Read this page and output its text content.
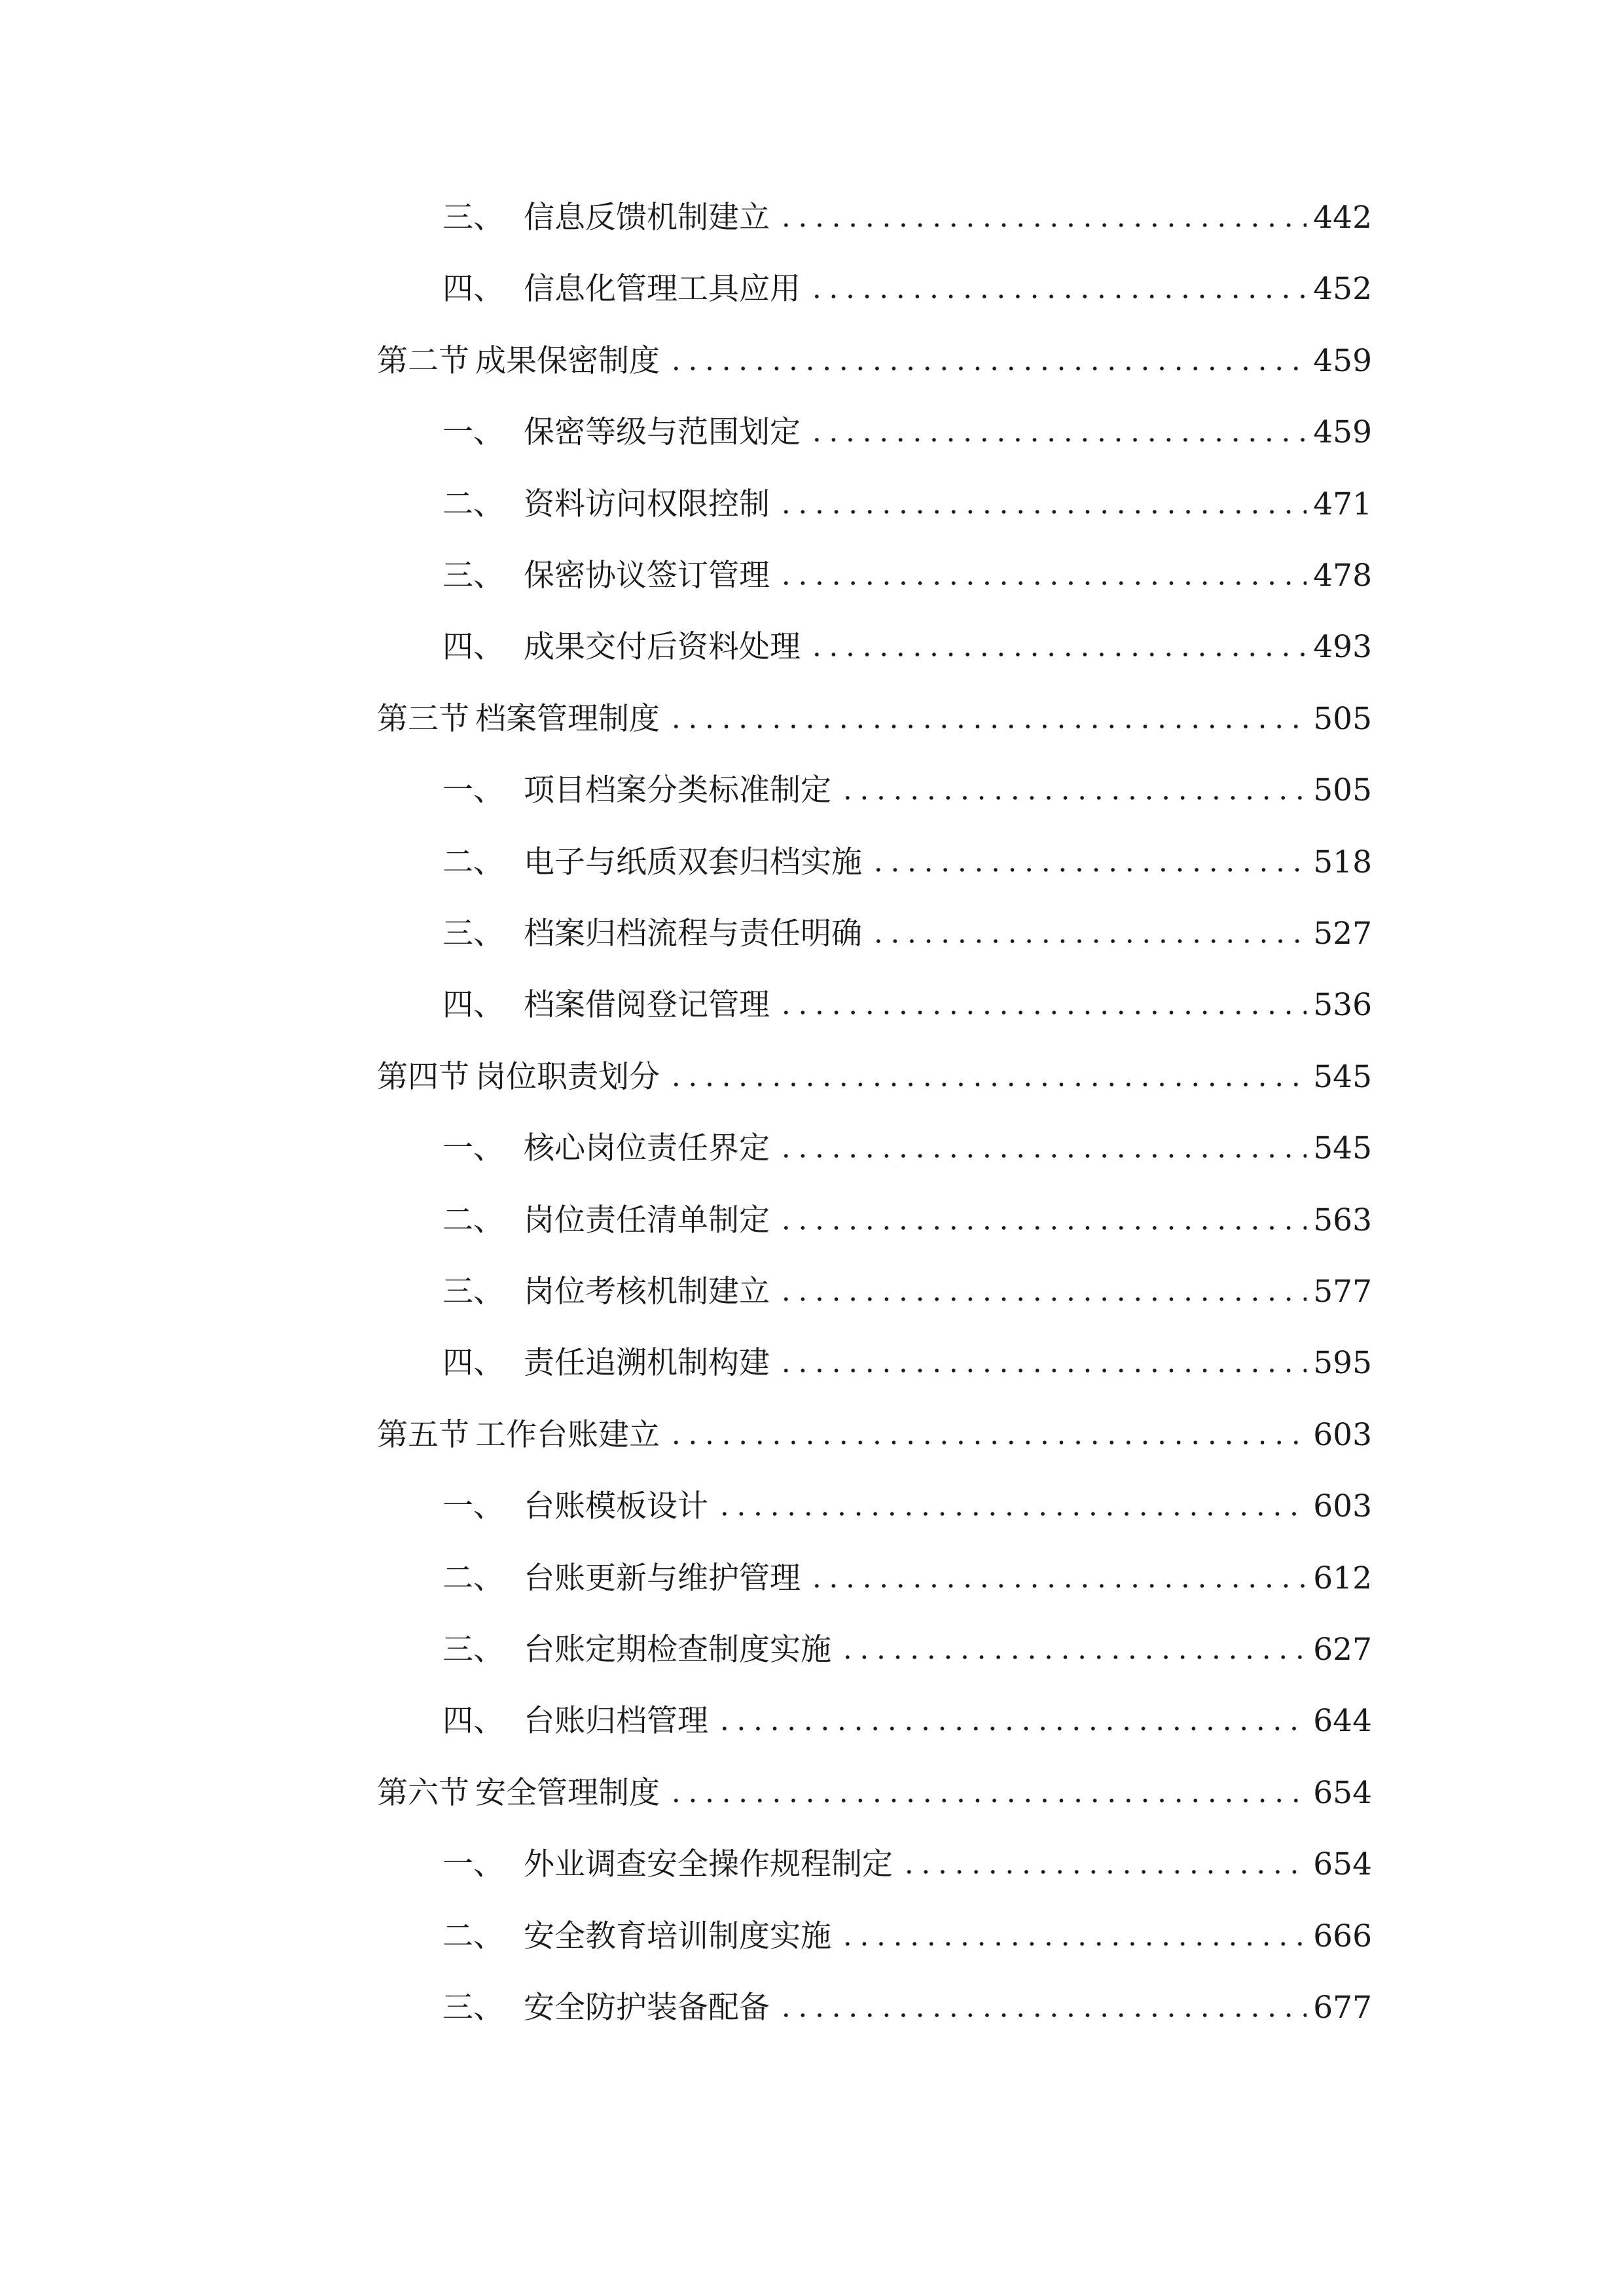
三、 信息反馈机制建立	442
四、 信息化管理工具应用	452
第二节 成果保密制度	459
一、 保密等级与范围划定	459
二、 资料访问权限控制	471
三、 保密协议签订管理	478
四、 成果交付后资料处理	493
第三节 档案管理制度	505
一、 项目档案分类标准制定	505
二、 电子与纸质双套归档实施	518
三、 档案归档流程与责任明确	527
四、 档案借阅登记管理	536
第四节 岗位职责划分	545
一、 核心岗位责任界定	545
二、 岗位责任清单制定	563
三、 岗位考核机制建立	577
四、 责任追溯机制构建	595
第五节 工作台账建立	603
一、 台账模板设计	603
二、 台账更新与维护管理	612
三、 台账定期检查制度实施	627
四、 台账归档管理	644
第六节 安全管理制度	654
一、 外业调查安全操作规程制定	654
二、 安全教育培训制度实施	666
三、 安全防护装备配备	677
